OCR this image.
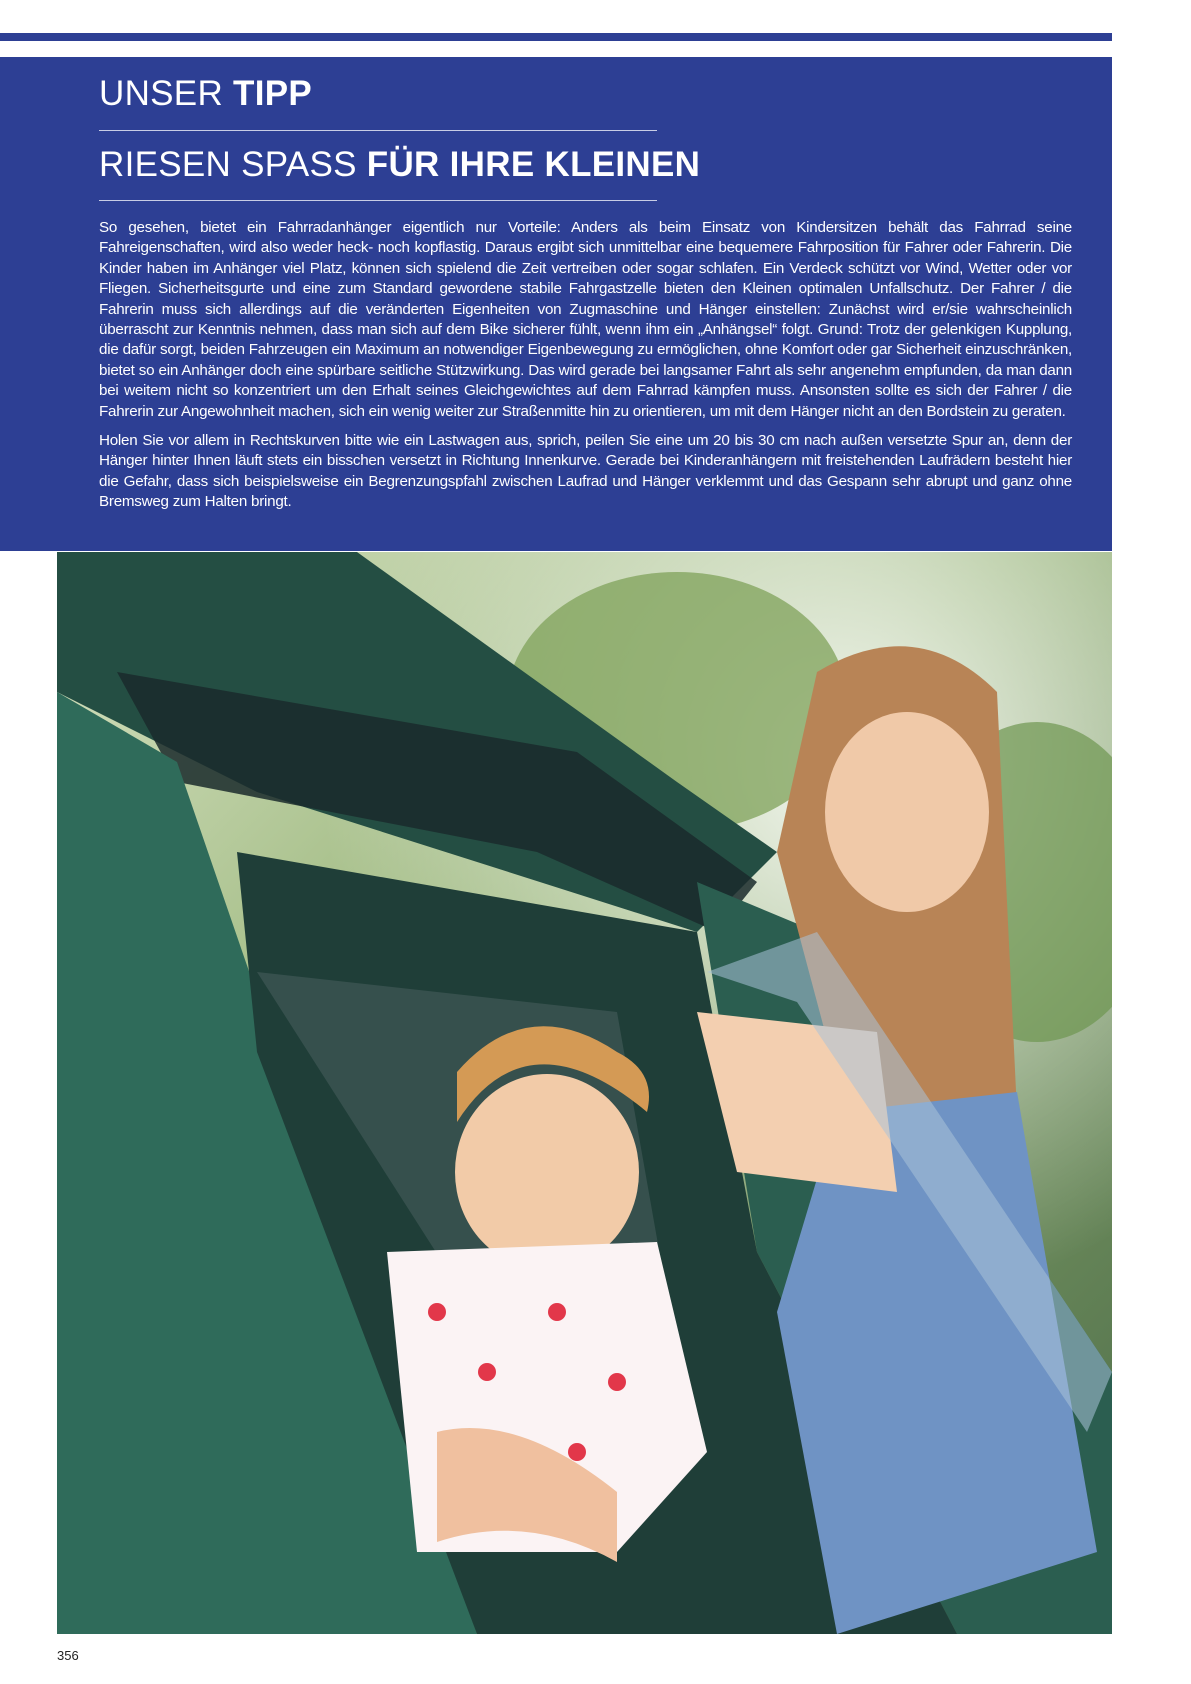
UNSER TIPP
RIESEN SPASS FÜR IHRE KLEINEN

So gesehen, bietet ein Fahrradanhänger eigentlich nur Vorteile: Anders als beim Einsatz von Kindersitzen behält das Fahrrad seine Fahreigenschaften, wird also weder heck- noch kopflastig. Daraus ergibt sich unmittelbar eine bequemere Fahrposition für Fahrer oder Fahrerin. Die Kinder haben im Anhänger viel Platz, können sich spielend die Zeit vertreiben oder sogar schlafen. Ein Verdeck schützt vor Wind, Wetter oder vor Fliegen. Sicherheitsgurte und eine zum Standard gewordene stabile Fahrgastzelle bieten den Kleinen optimalen Unfallschutz. Der Fahrer / die Fahrerin muss sich allerdings auf die veränderten Eigenheiten von Zugmaschine und Hänger einstellen: Zunächst wird er/sie wahrscheinlich überrascht zur Kenntnis nehmen, dass man sich auf dem Bike sicherer fühlt, wenn ihm ein „Anhängsel“ folgt. Grund: Trotz der gelenkigen Kupplung, die dafür sorgt, beiden Fahrzeugen ein Maximum an notwendiger Eigenbewegung zu ermöglichen, ohne Komfort oder gar Sicherheit einzuschränken, bietet so ein Anhänger doch eine spürbare seitliche Stützwirkung. Das wird gerade bei langsamer Fahrt als sehr angenehm empfunden, da man dann bei weitem nicht so konzentriert um den Erhalt seines Gleichgewichtes auf dem Fahrrad kämpfen muss. Ansonsten sollte es sich der Fahrer / die Fahrerin zur Angewohnheit machen, sich ein wenig weiter zur Straßenmitte hin zu orientieren, um mit dem Hänger nicht an den Bordstein zu geraten.

Holen Sie vor allem in Rechtskurven bitte wie ein Lastwagen aus, sprich, peilen Sie eine um 20 bis 30 cm nach außen versetzte Spur an, denn der Hänger hinter Ihnen läuft stets ein bisschen versetzt in Richtung Innenkurve. Gerade bei Kinderanhängern mit freistehenden Laufrädern besteht hier die Gefahr, dass sich beispielsweise ein Begrenzungspfahl zwischen Laufrad und Hänger verklemmt und das Gespann sehr abrupt und ganz ohne Bremsweg zum Halten bringt.

356
